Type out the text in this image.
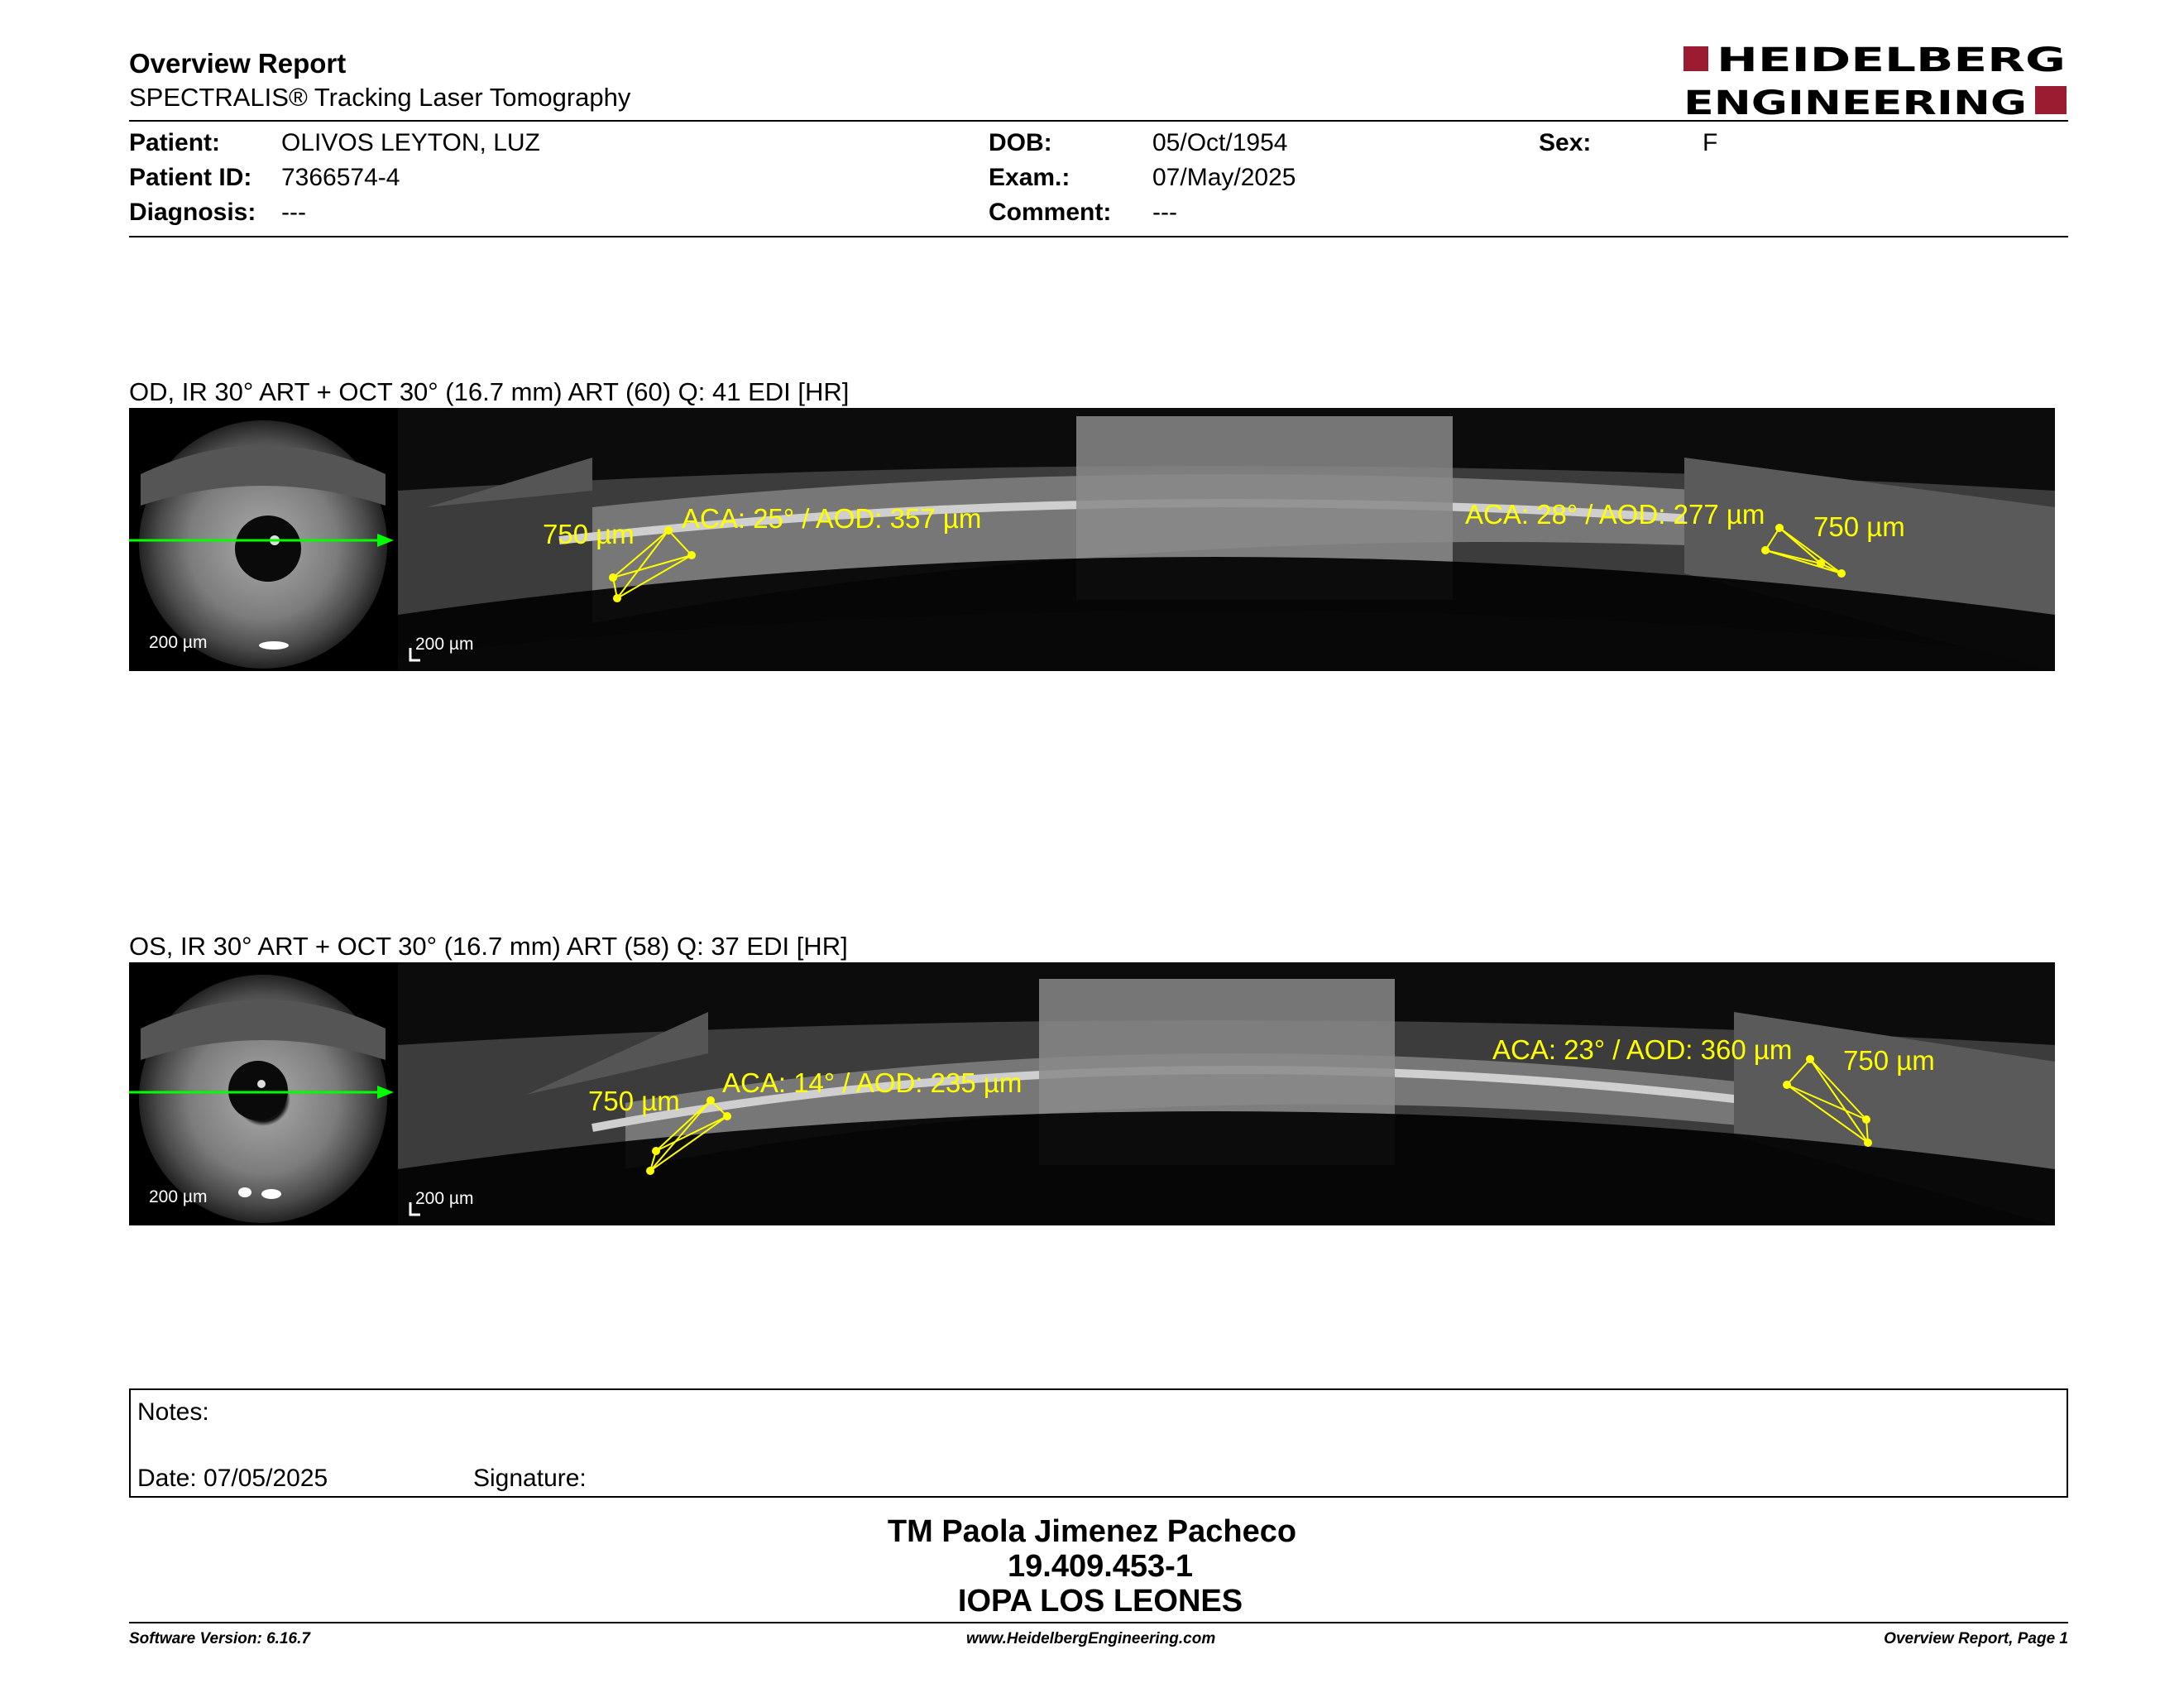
Overview Report
SPECTRALIS® Tracking Laser Tomography
HEIDELBERG
ENGINEERING
Patient: OLIVOS LEYTON, LUZ
Patient ID: 7366574-4
Diagnosis: ---
DOB:	05/Oct/1954
Exam.:	07/May/2025
Comment: ---
Sex:	F
OD, IR 30° ART + OCT 30° (16.7 mm) ART (60) Q: 41 EDI [HR]
200 µm	200 µm
750 µm
ACA: 25° / AOD: 357 µm	ACA: 28° / AOD: 277 µm 750 µm
OS, IR 30° ART + OCT 30° (16.7 mm) ART (58) Q: 37 EDI [HR]
200 µm	200 µm
750 µm
ACA: 14° / AOD: 235 µm
ACA: 23° / AOD: 360 µm 750 µm
Notes:
Date: 07/05/2025	Signature:
TM Paola Jimenez Pacheco
19.409.453-1
IOPA LOS LEONES
Software Version: 6.16.7	www.HeidelbergEngineering.com	Overview Report, Page 1
